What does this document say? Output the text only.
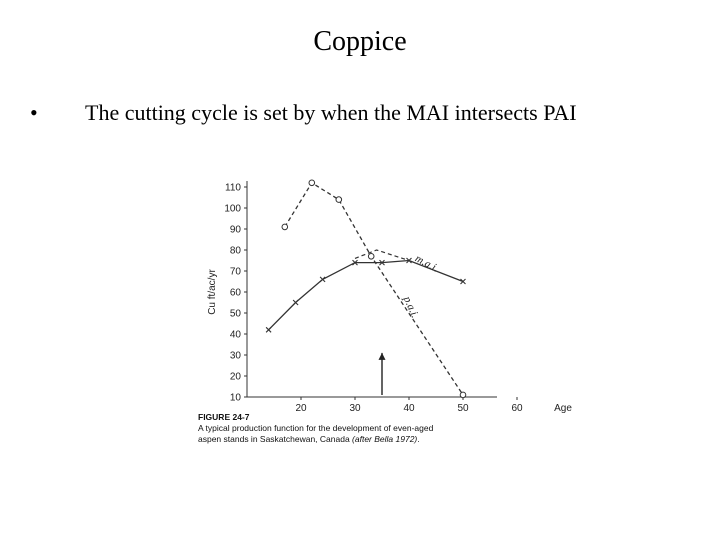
Coppice
• The cutting cycle is set by when the MAI intersects PAI
10
20
30
40
50
60
70
80
90
100
110
20	30	40	50	60	Age
Cu ft/ac/yr	p.a.i.
m.a.i.
FIGURE 24-7
A typical production function for the development of even-aged
aspen stands in Saskatchewan, Canada (after Bella 1972).
